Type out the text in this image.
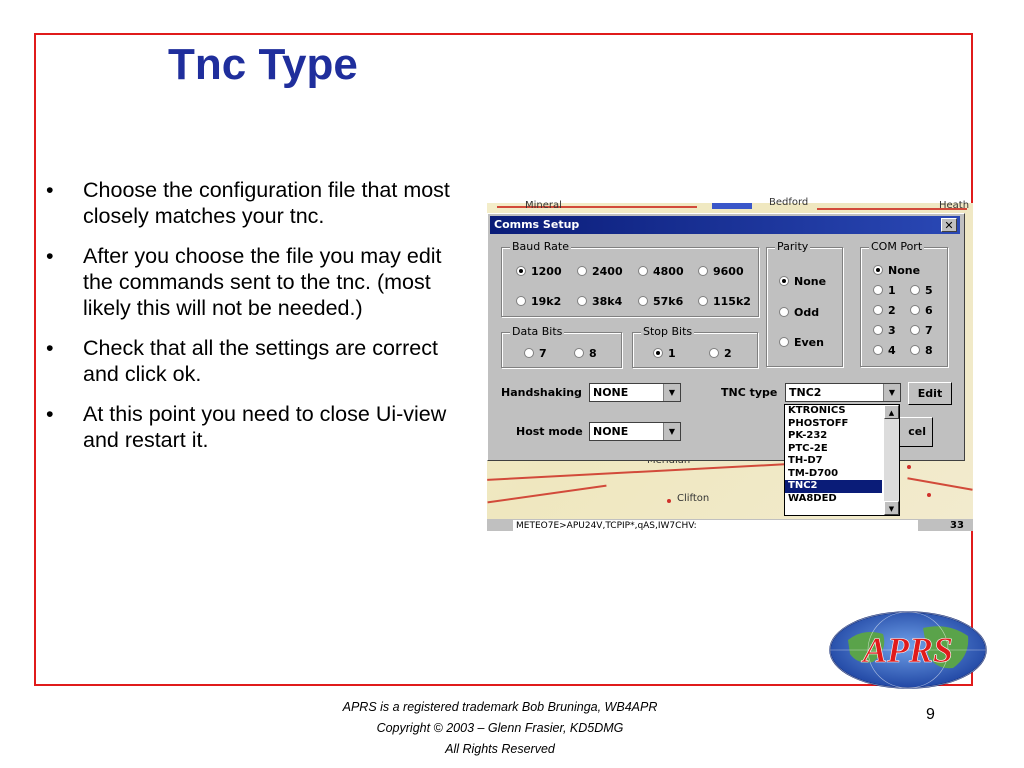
Tnc Type
• Choose the configuration file that most closely matches your tnc.
• After you choose the file you may edit the commands sent to the tnc. (most likely this will not be needed.)
• Check that all the settings are correct and click ok.
• At this point you need to close Ui-view and restart it.
Mineral	Bedford	Heath
Clifton
Comms Setup	✕
Baud Rate
1200	2400	4800	9600
19k2	38k4	57k6	115k2
Parity
None
Odd
Even
COM Port
None
1	5
2	6
3	7
4	8
Data Bits
7	8
Stop Bits
1	2
Handshaking	NONE	▼	TNC type	TNC2	▼	Edit
Host mode NONE	▼	cel
KTRONICS
PHOSTOFF
PK-232
PTC-2E
TH-D7
TM-D700
TNC2
WA8DED
▲
▼
METEO7E>APU24V,TCPIP*,qAS,IW7CHV:	33
APRS
APRS is a registered trademark Bob Bruninga, WB4APR
Copyright © 2003 – Glenn Frasier, KD5DMG
All Rights Reserved
9
